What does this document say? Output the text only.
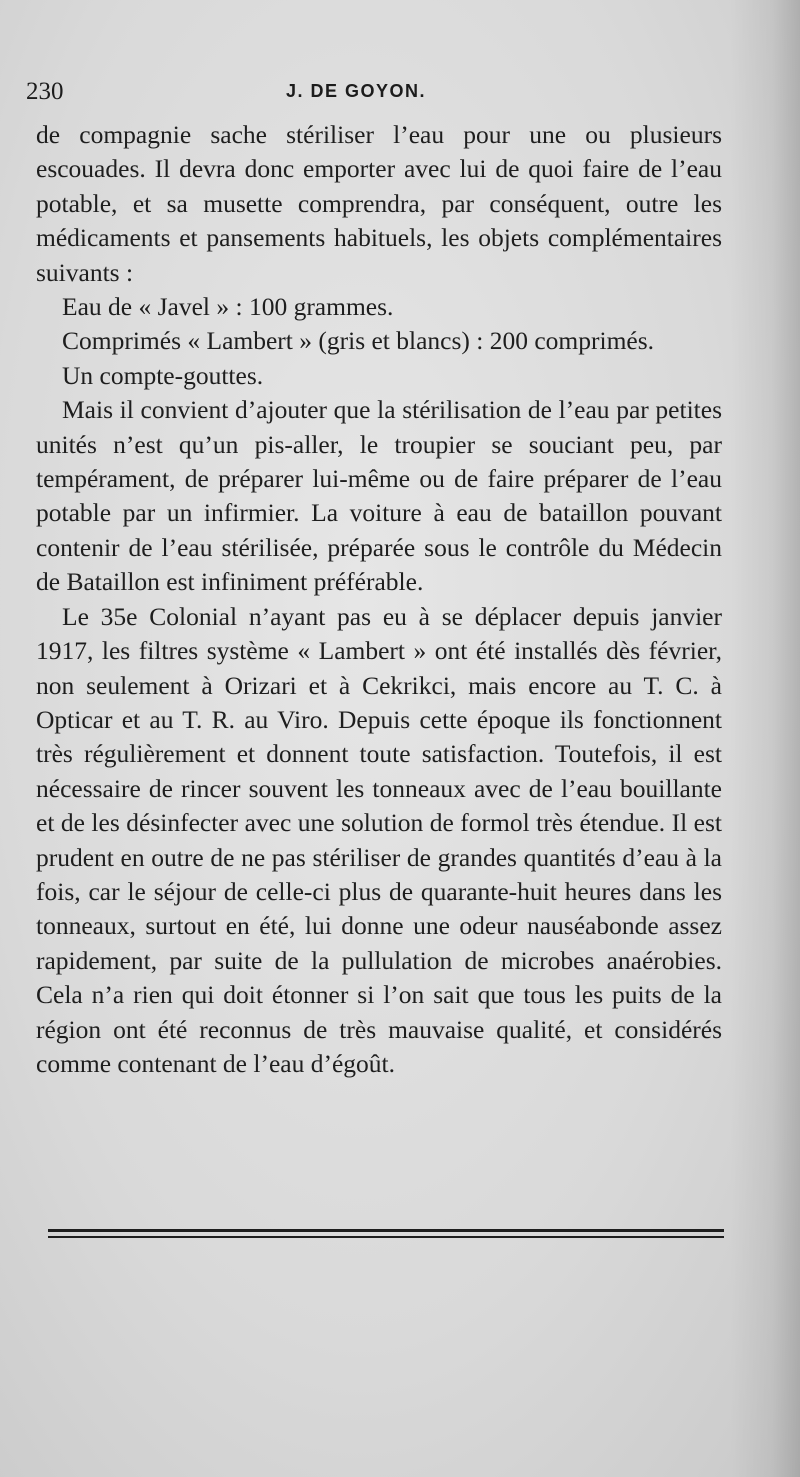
230	J. DE GOYON.

de compagnie sache stériliser l’eau pour une ou plusieurs escouades. Il devra donc emporter avec lui de quoi faire de l’eau potable, et sa musette comprendra, par conséquent, outre les médicaments et pansements habituels, les objets complémentaires suivants :

Eau de « Javel » : 100 grammes.

Comprimés « Lambert » (gris et blancs) : 200 comprimés.

Un compte-gouttes.

Mais il convient d’ajouter que la stérilisation de l’eau par petites unités n’est qu’un pis-aller, le troupier se souciant peu, par tempérament, de préparer lui-même ou de faire préparer de l’eau potable par un infirmier. La voiture à eau de bataillon pouvant contenir de l’eau stérilisée, préparée sous le contrôle du Médecin de Bataillon est infiniment préférable.

Le 35e Colonial n’ayant pas eu à se déplacer depuis janvier 1917, les filtres système « Lambert » ont été installés dès février, non seulement à Orizari et à Cekrikci, mais encore au T. C. à Opticar et au T. R. au Viro. Depuis cette époque ils fonctionnent très régulièrement et donnent toute satisfaction. Toutefois, il est nécessaire de rincer souvent les tonneaux avec de l’eau bouillante et de les désinfecter avec une solution de formol très étendue. Il est prudent en outre de ne pas stériliser de grandes quantités d’eau à la fois, car le séjour de celle-ci plus de quarante-huit heures dans les tonneaux, surtout en été, lui donne une odeur nauséabonde assez rapidement, par suite de la pullulation de microbes anaérobies. Cela n’a rien qui doit étonner si l’on sait que tous les puits de la région ont été reconnus de très mauvaise qualité, et considérés comme contenant de l’eau d’égoût.
